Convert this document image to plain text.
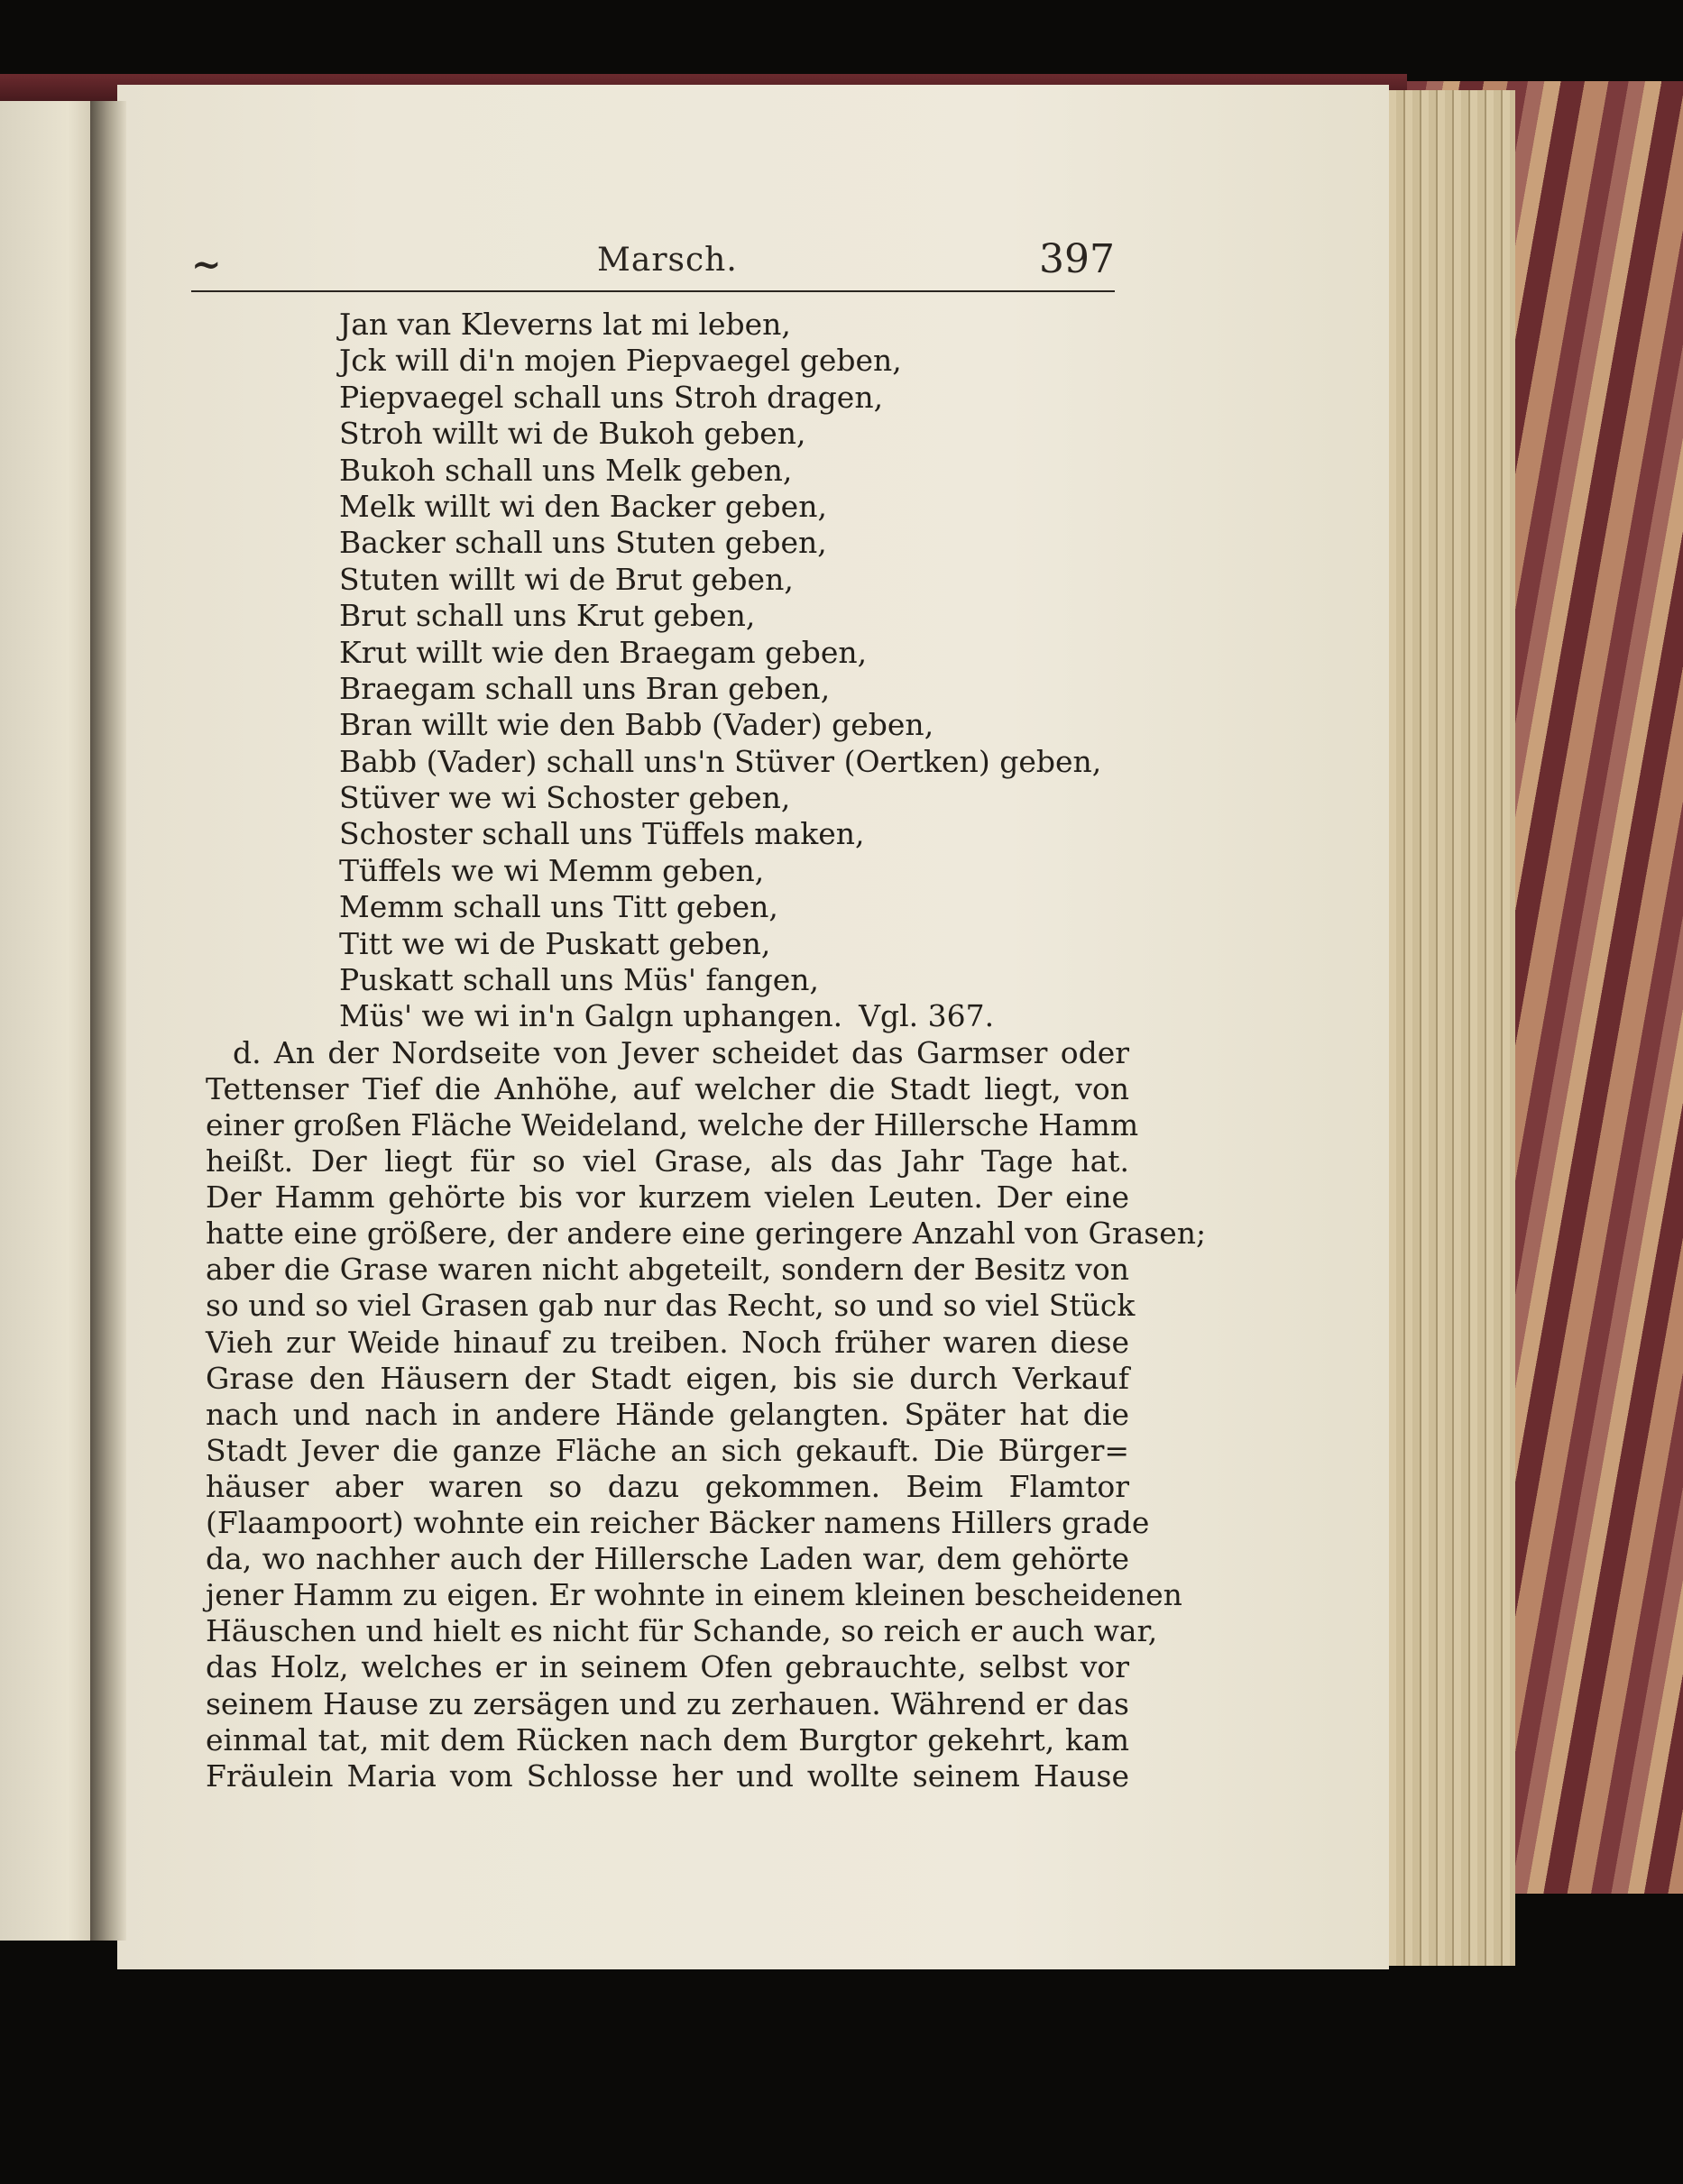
~	Marsch.	397
Jan van Kleverns lat mi leben,
Jck will di'n mojen Piepvaegel geben,
Piepvaegel schall uns Stroh dragen,
Stroh willt wi de Bukoh geben,
Bukoh schall uns Melk geben,
Melk willt wi den Backer geben,
Backer schall uns Stuten geben,
Stuten willt wi de Brut geben,
Brut schall uns Krut geben,
Krut willt wie den Braegam geben,
Braegam schall uns Bran geben,
Bran willt wie den Babb (Vader) geben,
Babb (Vader) schall uns'n Stüver (Oertken) geben,
Stüver we wi Schoster geben,
Schoster schall uns Tüffels maken,
Tüffels we wi Memm geben,
Memm schall uns Titt geben,
Titt we wi de Puskatt geben,
Puskatt schall uns Müs' fangen,
Müs' we wi in'n Galgn uphangen. Vgl. 367.
d. An der Nordseite von Jever scheidet das Garmser oder
Tettenser Tief die Anhöhe, auf welcher die Stadt liegt, von
einer großen Fläche Weideland, welche der Hillersche Hamm
heißt. Der liegt für so viel Grase, als das Jahr Tage hat.
Der Hamm gehörte bis vor kurzem vielen Leuten. Der eine
hatte eine größere, der andere eine geringere Anzahl von Grasen;
aber die Grase waren nicht abgeteilt, sondern der Besitz von
so und so viel Grasen gab nur das Recht, so und so viel Stück
Vieh zur Weide hinauf zu treiben. Noch früher waren diese
Grase den Häusern der Stadt eigen, bis sie durch Verkauf
nach und nach in andere Hände gelangten. Später hat die
Stadt Jever die ganze Fläche an sich gekauft. Die Bürger=
häuser aber waren so dazu gekommen. Beim Flamtor
(Flaampoort) wohnte ein reicher Bäcker namens Hillers grade
da, wo nachher auch der Hillersche Laden war, dem gehörte
jener Hamm zu eigen. Er wohnte in einem kleinen bescheidenen
Häuschen und hielt es nicht für Schande, so reich er auch war,
das Holz, welches er in seinem Ofen gebrauchte, selbst vor
seinem Hause zu zersägen und zu zerhauen. Während er das
einmal tat, mit dem Rücken nach dem Burgtor gekehrt, kam
Fräulein Maria vom Schlosse her und wollte seinem Hause
